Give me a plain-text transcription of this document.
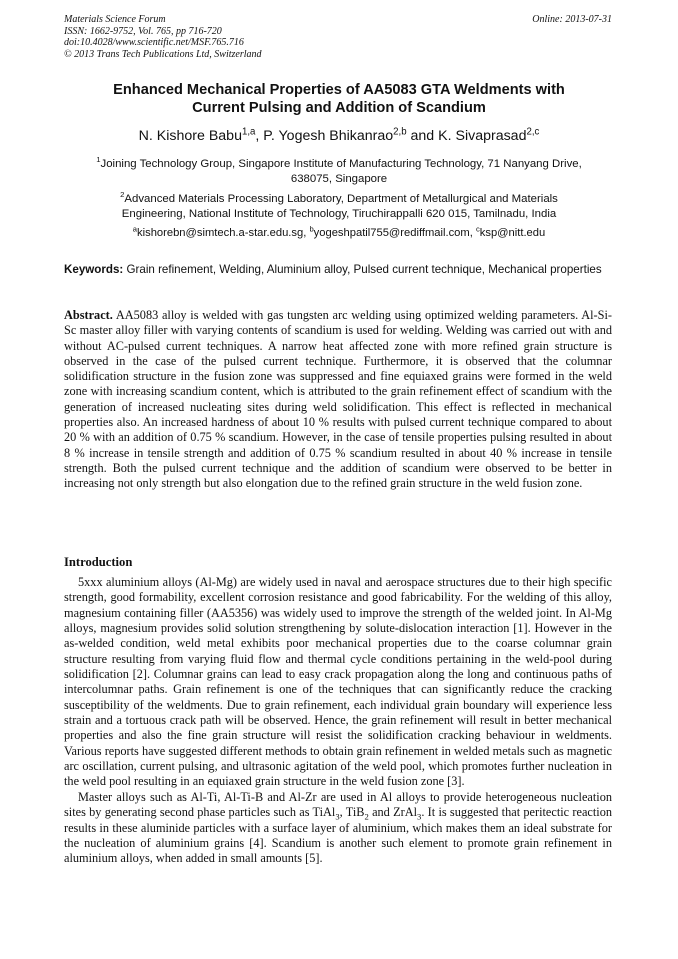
Materials Science Forum
ISSN: 1662-9752, Vol. 765, pp 716-720
doi:10.4028/www.scientific.net/MSF.765.716
© 2013 Trans Tech Publications Ltd, Switzerland
Online: 2013-07-31
Enhanced Mechanical Properties of AA5083 GTA Weldments with
Current Pulsing and Addition of Scandium
N. Kishore Babu$^{1,a}$, P. Yogesh Bhikanrao$^{2,b}$ and K. Sivaprasad$^{2,c}$
$^1$Joining Technology Group, Singapore Institute of Manufacturing Technology, 71 Nanyang Drive,
638075, Singapore
$^2$Advanced Materials Processing Laboratory, Department of Metallurgical and Materials
Engineering, National Institute of Technology, Tiruchirappalli 620 015, Tamilnadu, India
$^a$kishorebn@simtech.a-star.edu.sg, $^b$yogeshpatil755@rediffmail.com, $^c$ksp@nitt.edu
Keywords: Grain refinement, Welding, Aluminium alloy, Pulsed current technique, Mechanical properties
Abstract. AA5083 alloy is welded with gas tungsten arc welding using optimized welding parameters. Al-Si-Sc master alloy filler with varying contents of scandium is used for welding. Welding was carried out with and without AC-pulsed current techniques. A narrow heat affected zone with more refined grain structure is observed in the case of the pulsed current technique. Furthermore, it is observed that the columnar solidification structure in the fusion zone was suppressed and fine equiaxed grains were formed in the weld zone with increasing scandium content, which is attributed to the grain refinement effect of scandium with the generation of increased nucleating sites during weld solidification. This effect is reflected in mechanical properties also. An increased hardness of about 10 % results with pulsed current technique compared to about 20 % with an addition of 0.75 % scandium. However, in the case of tensile properties pulsing resulted in about 8 % increase in tensile strength and addition of 0.75 % scandium resulted in about 40 % increase in tensile strength. Both the pulsed current technique and the addition of scandium were observed to be better in increasing not only strength but also elongation due to the refined grain structure in the weld fusion zone.
Introduction

5xxx aluminium alloys (Al-Mg) are widely used in naval and aerospace structures due to their high specific strength, good formability, excellent corrosion resistance and good fabricability. For the welding of this alloy, magnesium containing filler (AA5356) was widely used to improve the strength of the welded joint. In Al-Mg alloys, magnesium provides solid solution strengthening by solute-dislocation interaction [1]. However in the as-welded condition, weld metal exhibits poor mechanical properties due to the coarse columnar grain structure resulting from varying fluid flow and thermal cycle conditions pertaining in the weld-pool during solidification [2]. Columnar grains can lead to easy crack propagation along the long and continuous paths of intercolumnar paths. Grain refinement is one of the techniques that can significantly reduce the cracking susceptibility of the weldments. Due to grain refinement, each individual grain boundary will experience less strain and a tortuous crack path will be observed. Hence, the grain refinement will result in better mechanical properties and also the fine grain structure will resist the solidification cracking behaviour in weldments. Various reports have suggested different methods to obtain grain refinement in welded metals such as magnetic arc oscillation, current pulsing, and ultrasonic agitation of the weld pool, which promotes further nucleation in the weld pool resulting in an equiaxed grain structure in the weld fusion zone [3].

Master alloys such as Al-Ti, Al-Ti-B and Al-Zr are used in Al alloys to provide heterogeneous nucleation sites by generating second phase particles such as TiAl$_3$, TiB$_2$ and ZrAl$_3$. It is suggested that peritectic reaction results in these aluminide particles with a surface layer of aluminium, which makes them an ideal substrate for the nucleation of aluminium grains [4]. Scandium is another such element to promote grain refinement in aluminium alloys, when added in small amounts [5].
